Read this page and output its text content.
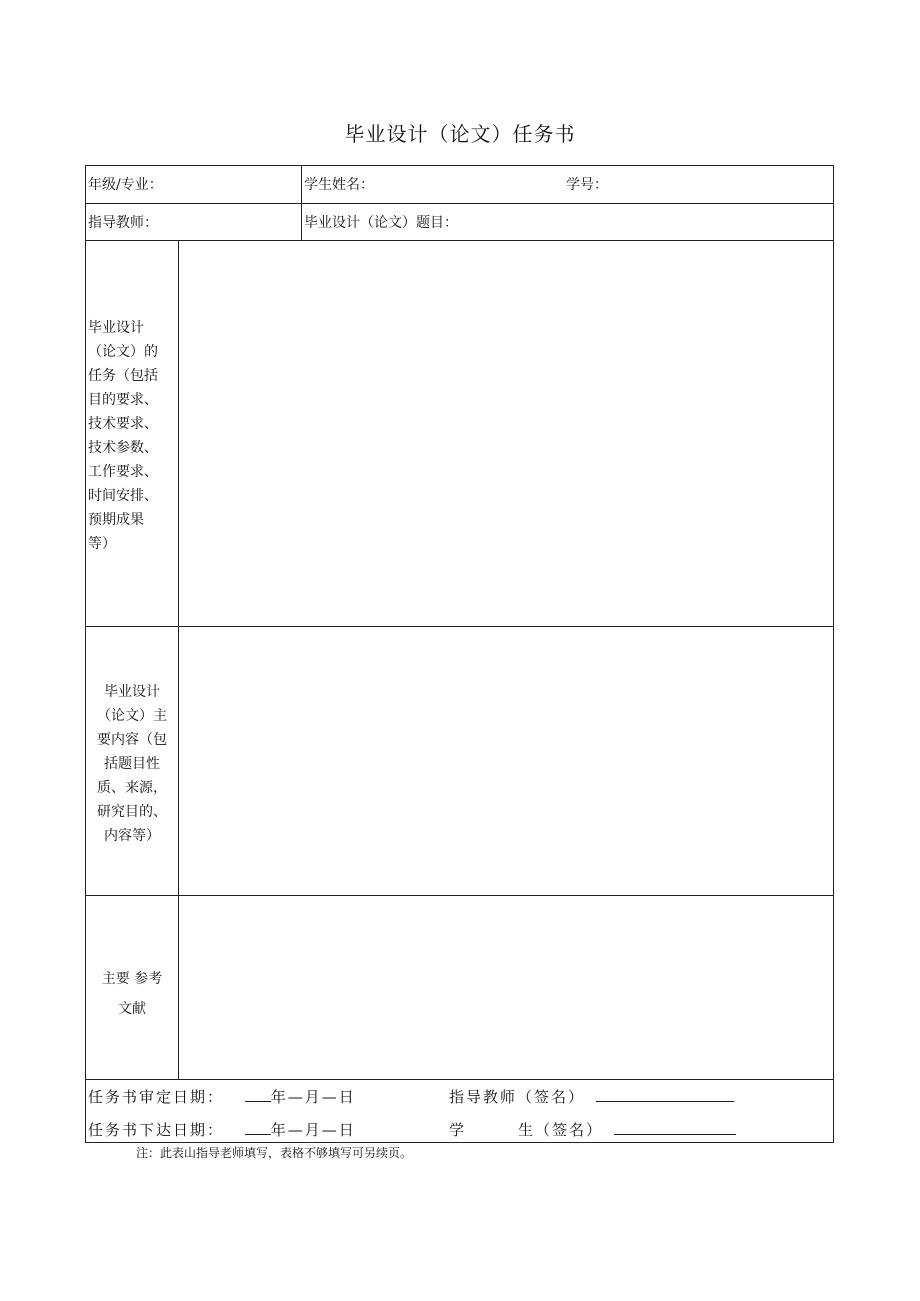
毕业设计（论文）任务书
年级/专业：	学生姓名：	学号：
指导教师：	毕业设计（论文）题目：
毕业设计
（论文）的
任务（包括
目的要求、
技术要求、
技术参数、
工作要求、
时间安排、
预期成果
等）
毕业设计
（论文）主
要内容（包
括题目性
质、来源，
研究目的、
内容等）
主要 参考
文献
任务书审定日期：	年—月—日	指导教师（签名）
任务书下达日期：	年—月—日	学	生（签名）
注：此表山指导老师填写，表格不够填写可另续页。
